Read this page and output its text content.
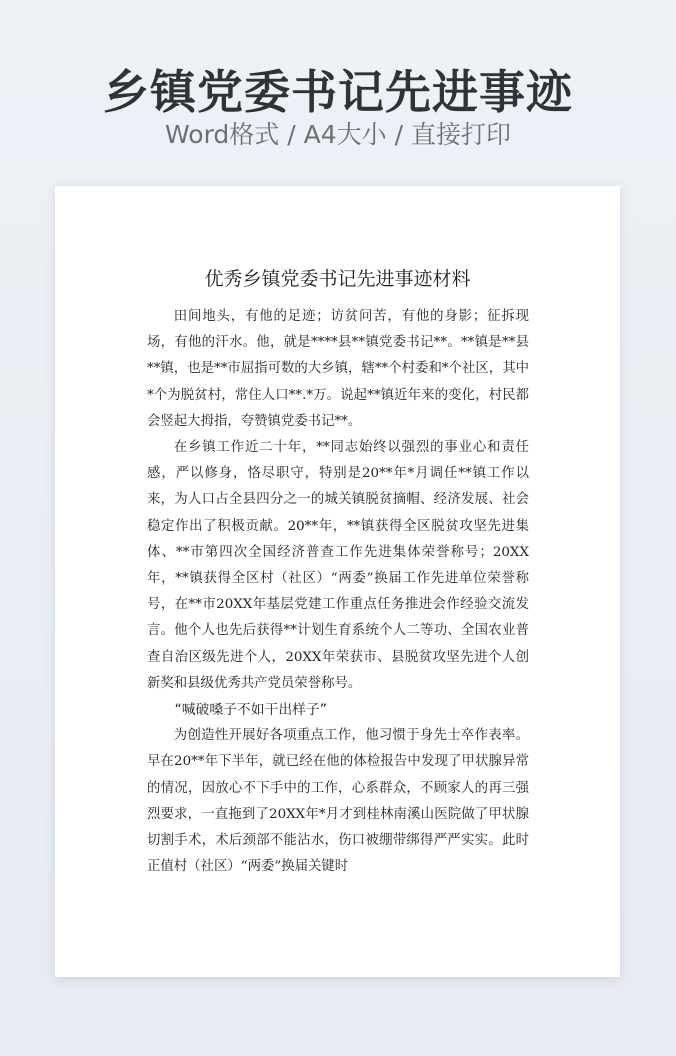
乡镇党委书记先进事迹
Word格式 / A4大小 / 直接打印
优秀乡镇党委书记先进事迹材料

田间地头，有他的足迹；访贫问苦，有他的身影；征拆现场，有他的汗水。他，就是****县**镇党委书记**。**镇是**县**镇，也是**市屈指可数的大乡镇，辖**个村委和*个社区，其中*个为脱贫村，常住人口**.*万。说起**镇近年来的变化，村民都会竖起大拇指，夸赞镇党委书记**。

在乡镇工作近二十年，**同志始终以强烈的事业心和责任感，严以修身，恪尽职守，特别是20**年*月调任**镇工作以来，为人口占全县四分之一的城关镇脱贫摘帽、经济发展、社会稳定作出了积极贡献。20**年，**镇获得全区脱贫攻坚先进集体、**市第四次全国经济普查工作先进集体荣誉称号；20XX年，**镇获得全区村（社区）“两委”换届工作先进单位荣誉称号，在**市20XX年基层党建工作重点任务推进会作经验交流发言。他个人也先后获得**计划生育系统个人二等功、全国农业普查自治区级先进个人，20XX年荣获市、县脱贫攻坚先进个人创新奖和县级优秀共产党员荣誉称号。

“喊破嗓子不如干出样子”

为创造性开展好各项重点工作，他习惯于身先士卒作表率。早在20**年下半年，就已经在他的体检报告中发现了甲状腺异常的情况，因放心不下手中的工作，心系群众，不顾家人的再三强烈要求，一直拖到了20XX年*月才到桂林南溪山医院做了甲状腺切割手术，术后颈部不能沾水，伤口被绷带绑得严严实实。此时正值村（社区）“两委”换届关键时
